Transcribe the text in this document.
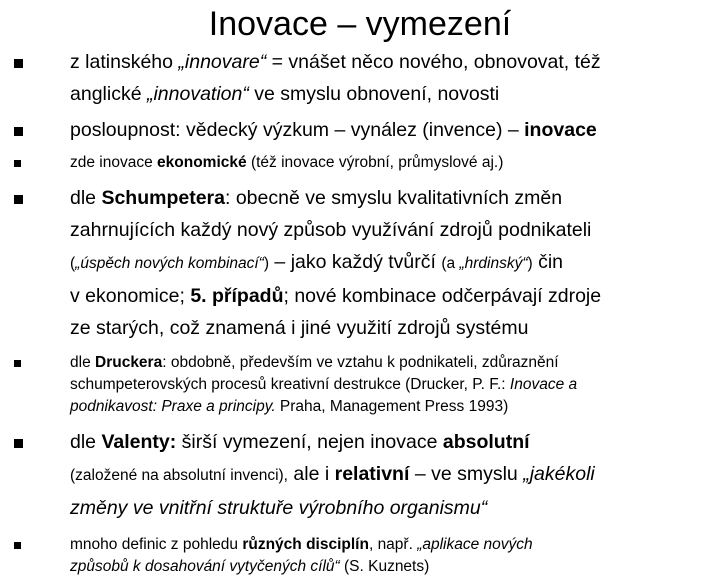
Inovace – vymezení
z latinského „innovare“ = vnášet něco nového, obnovovat, též
anglické „innovation“ ve smyslu obnovení, novosti
posloupnost: vědecký výzkum – vynález (invence) – inovace
zde inovace ekonomické (též inovace výrobní, průmyslové aj.)
dle Schumpetera: obecně ve smyslu kvalitativních změn
zahrnujících každý nový způsob využívání zdrojů podnikateli
(„úspěch nových kombinací“) – jako každý tvůrčí (a „hrdinský“) čin
v ekonomice; 5. případů; nové kombinace odčerpávají zdroje
ze starých, což znamená i jiné využití zdrojů systému
dle Druckera: obdobně, především ve vztahu k podnikateli, zdůraznění
schumpeterovských procesů kreativní destrukce (Drucker, P. F.: Inovace a
podnikavost: Praxe a principy. Praha, Management Press 1993)
dle Valenty: širší vymezení, nejen inovace absolutní
(založené na absolutní invenci), ale i relativní – ve smyslu „jakékoli
změny ve vnitřní struktuře výrobního organismu“
mnoho definic z pohledu různých disciplín, např. „aplikace nových
způsobů k dosahování vytyčených cílů“ (S. Kuznets)
